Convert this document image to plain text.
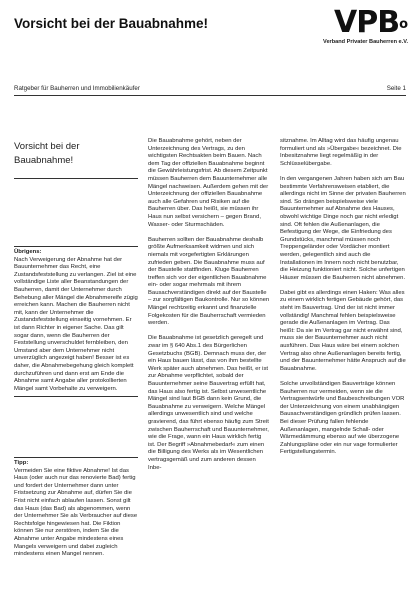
Vorsicht bei der Bauabnahme!	VPB$^o$
Verband Privater Bauherren e.V.
Ratgeber für Bauherren und Immobilienkäufer	Seite 1
Vorsicht bei der
Bauabnahme!
Übrigens:
Nach Verweigerung der Abnahme hat der Bauunternehmer das Recht, eine Zustandsfeststellung zu verlangen. Ziel ist eine vollständige Liste aller Beanstandungen der Bauherren, damit der Unternehmer durch Behebung aller Mängel die Abnahmereife zügig erreichen kann. Machen die Bauherren nicht mit, kann der Unternehmer die Zustandsfeststellung einseitig vornehmen. Er ist dann Richter in eigener Sache. Das gilt sogar dann, wenn die Bauherren der Feststellung unverschuldet fernbleiben, den Umstand aber dem Unternehmer nicht unverzüglich angezeigt haben! Besser ist es daher, die Abnahmebegehung gleich komplett durchzuführen und dann erst am Ende die Abnahme samt Angabe aller protokollierten Mängel samt Vorbehalte zu verweigern.
Tipp:
Vermeiden Sie eine fiktive Abnahme! Ist das Haus (oder auch nur das renovierte Bad) fertig und fordert der Unternehmer dann unter Fristsetzung zur Abnahme auf, dürfen Sie die Frist nicht einfach ablaufen lassen. Sonst gilt das Haus (das Bad) als abgenommen, wenn der Unternehmer Sie als Verbraucher auf diese Rechtsfolge hingewiesen hat. Die Fiktion können Sie nur zerstören, indem Sie die Abnahme unter Angabe mindestens eines Mangels verweigern und dabei zugleich mindestens einen Mangel nennen.

Die Bauabnahme gehört, neben der Unterzeichnung des Vertrags, zu den wichtigsten Rechtsakten beim Bauen. Nach dem Tag der offiziellen Bauabnahme beginnt die Gewährleistungsfrist. Ab diesem Zeitpunkt müssen Bauherren dem Bauunternehmer alle Mängel nachweisen. Außerdem gehen mit der Unterzeichnung der offiziellen Bauabnahme auch alle Gefahren und Risiken auf die Bauherren über. Das heißt, sie müssen ihr Haus nun selbst versichern – gegen Brand, Wasser- oder Sturmschäden.

Bauherren sollten der Bauabnahme deshalb größte Aufmerksamkeit widmen und sich niemals mit vorgefertigten Erklärungen zufrieden geben. Die Bauabnahme muss auf der Baustelle stattfinden. Kluge Bauherren treffen sich vor der eigentlichen Bauabnahme ein- oder sogar mehrmals mit ihrem Bausachverständigen direkt auf der Baustelle – zur sorgfältigen Baukontrolle. Nur so können Mängel rechtzeitig erkannt und finanzielle Folgekosten für die Bauherrschaft vermieden werden.

Die Bauabnahme ist gesetzlich geregelt und zwar im § 640 Abs.1 des Bürgerlichen Gesetzbuchs (BGB). Demnach muss der, der ein Haus bauen lässt, das von ihm bestellte Werk später auch abnehmen. Das heißt, er ist zur Abnahme verpflichtet, sobald der Bauunternehmer seine Bauvertrag erfüllt hat, das Haus also fertig ist. Selbst unwesentliche Mängel sind laut BGB dann kein Grund, die Bauabnahme zu verweigern. Welche Mängel allerdings unwesentlich sind und welche gravierend, das führt ebenso häufig zum Streit zwischen Bauherrschaft und Bauunternehmer, wie die Frage, wann ein Haus wirklich fertig ist. Der Begriff »Abnahmebedarf« zum einen die Billigung des Werks als im Wesentlichen vertragsgemäß und zum anderen dessen Inbe-

sitznahme. Im Alltag wird das häufig ungenau formuliert und als »Übergabe« bezeichnet. Die Inbesitznahme liegt regelmäßig in der Schlüsselübergabe.

In den vergangenen Jahren haben sich am Bau bestimmte Verfahrensweisen etabliert, die allerdings nicht im Sinne der privaten Bauherren sind. So drängen beispielsweise viele Bauunternehmer auf Abnahme des Hauses, obwohl wichtige Dinge noch gar nicht erledigt sind. Oft fehlen die Außenanlagen, die Befestigung der Wege, die Einfriedung des Grundstücks, manchmal müssen noch Treppengeländer oder Vordächer montiert werden, gelegentlich sind auch die Installationen im Innern noch nicht benutzbar, die Heizung funktioniert nicht. Solche unfertigen Häuser müssen die Bauherren nicht abnehmen.

Dabei gibt es allerdings einen Haken: Was alles zu einem wirklich fertigen Gebäude gehört, das steht im Bauvertrag. Und der ist nicht immer vollständig! Manchmal fehlen beispielsweise gerade die Außenanlagen im Vertrag. Das heißt: Da sie im Vertrag gar nicht erwähnt sind, muss sie der Bauunternehmer auch nicht ausführen. Das Haus wäre bei einem solchen Vertrag also ohne Außenanlagen bereits fertig, und der Bauunternehmer hätte Anspruch auf die Bauabnahme.

Solche unvollständigen Bauverträge können Bauherren nur vermeiden, wenn sie die Vertragsentwürfe und Baubeschreibungen VOR der Unterzeichnung von einem unabhängigen Bausachverständigen gründlich prüfen lassen. Bei dieser Prüfung fallen fehlende Außenanlagen, mangelnde Schall- oder Wärmedämmung ebenso auf wie überzogene Zahlungspläne oder ein nur vage formulierter Fertigstellungstermin.
